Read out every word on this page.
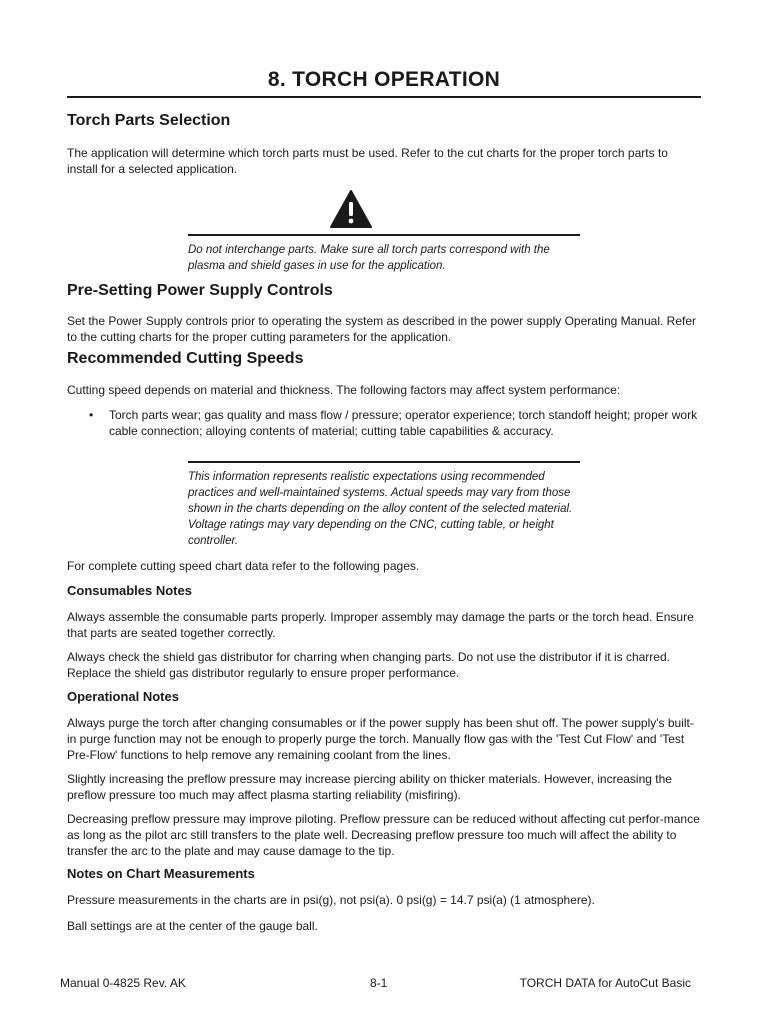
8. TORCH OPERATION
Torch Parts Selection

The application will determine which torch parts must be used. Refer to the cut charts for the proper torch parts to install for a selected application.

Do not interchange parts. Make sure all torch parts correspond with the plasma and shield gases in use for the application.

Pre-Setting Power Supply Controls

Set the Power Supply controls prior to operating the system as described in the power supply Operating Manual. Refer to the cutting charts for the proper cutting parameters for the application.

Recommended Cutting Speeds

Cutting speed depends on material and thickness. The following factors may affect system performance:

• Torch parts wear; gas quality and mass flow / pressure; operator experience; torch standoff height; proper work cable connection; alloying contents of material; cutting table capabilities & accuracy.

This information represents realistic expectations using recommended practices and well-maintained systems. Actual speeds may vary from those shown in the charts depending on the alloy content of the selected material. Voltage ratings may vary depending on the CNC, cutting table, or height controller.

For complete cutting speed chart data refer to the following pages.

Consumables Notes

Always assemble the consumable parts properly. Improper assembly may damage the parts or the torch head. Ensure that parts are seated together correctly.

Always check the shield gas distributor for charring when changing parts. Do not use the distributor if it is charred. Replace the shield gas distributor regularly to ensure proper performance.

Operational Notes

Always purge the torch after changing consumables or if the power supply has been shut off. The power supply's built-in purge function may not be enough to properly purge the torch. Manually flow gas with the 'Test Cut Flow' and 'Test Pre-Flow' functions to help remove any remaining coolant from the lines.

Slightly increasing the preflow pressure may increase piercing ability on thicker materials. However, increasing the preflow pressure too much may affect plasma starting reliability (misfiring).

Decreasing preflow pressure may improve piloting. Preflow pressure can be reduced without affecting cut perfor-mance as long as the pilot arc still transfers to the plate well. Decreasing preflow pressure too much will affect the ability to transfer the arc to the plate and may cause damage to the tip.

Notes on Chart Measurements

Pressure measurements in the charts are in psi(g), not psi(a). 0 psi(g) = 14.7 psi(a) (1 atmosphere).

Ball settings are at the center of the gauge ball.

Manual 0-4825 Rev. AK	8-1	TORCH DATA for AutoCut Basic
